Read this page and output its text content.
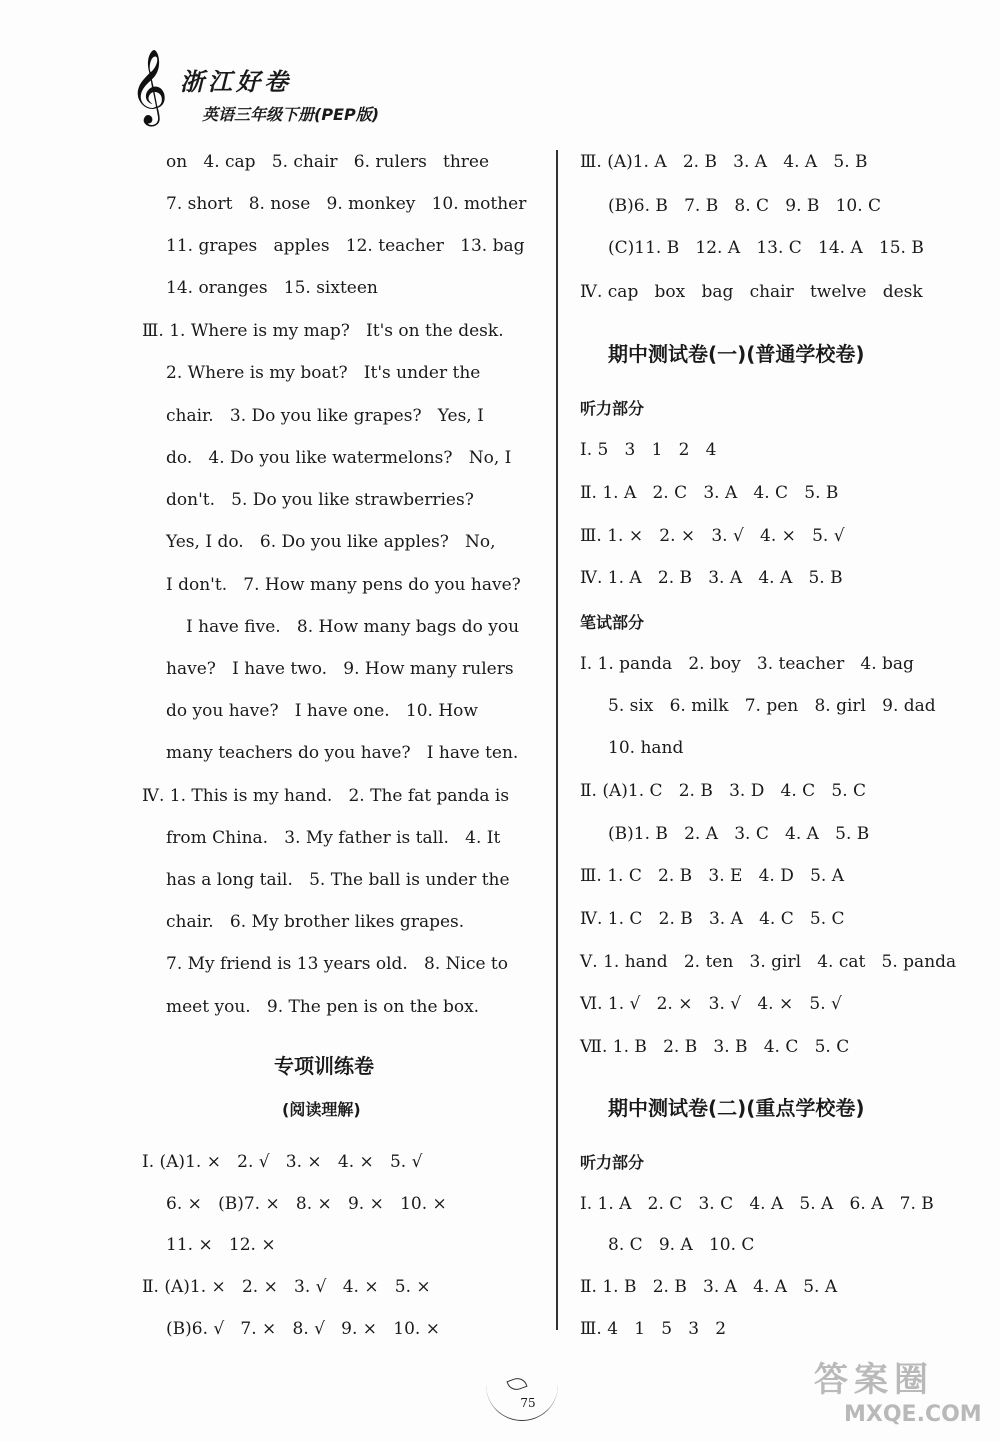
𝄞 浙江好卷
英语三年级下册(PEP版)
on   4. cap   5. chair   6. rulers   three
7. short   8. nose   9. monkey   10. mother
11. grapes   apples   12. teacher   13. bag
14. oranges   15. sixteen
Ⅲ. 1. Where is my map?   It's on the desk.
2. Where is my boat?   It's under the
chair.   3. Do you like grapes?   Yes, I
do.   4. Do you like watermelons?   No, I
don't.   5. Do you like strawberries?
Yes, I do.   6. Do you like apples?   No,
I don't.   7. How many pens do you have?
I have five.   8. How many bags do you
have?   I have two.   9. How many rulers
do you have?   I have one.   10. How
many teachers do you have?   I have ten.
Ⅳ. 1. This is my hand.   2. The fat panda is
from China.   3. My father is tall.   4. It
has a long tail.   5. The ball is under the
chair.   6. My brother likes grapes.
7. My friend is 13 years old.   8. Nice to
meet you.   9. The pen is on the box.
专项训练卷
(阅读理解)
Ⅰ. (A)1. ×   2. √   3. ×   4. ×   5. √
6. ×   (B)7. ×   8. ×   9. ×   10. ×
11. ×   12. ×
Ⅱ. (A)1. ×   2. ×   3. √   4. ×   5. ×
(B)6. √   7. ×   8. √   9. ×   10. ×
Ⅲ. (A)1. A   2. B   3. A   4. A   5. B
(B)6. B   7. B   8. C   9. B   10. C
(C)11. B   12. A   13. C   14. A   15. B
Ⅳ. cap   box   bag   chair   twelve   desk
期中测试卷(一)(普通学校卷)
听力部分
Ⅰ. 5   3   1   2   4
Ⅱ. 1. A   2. C   3. A   4. C   5. B
Ⅲ. 1. ×   2. ×   3. √   4. ×   5. √
Ⅳ. 1. A   2. B   3. A   4. A   5. B
笔试部分
Ⅰ. 1. panda   2. boy   3. teacher   4. bag
5. six   6. milk   7. pen   8. girl   9. dad
10. hand
Ⅱ. (A)1. C   2. B   3. D   4. C   5. C
(B)1. B   2. A   3. C   4. A   5. B
Ⅲ. 1. C   2. B   3. E   4. D   5. A
Ⅳ. 1. C   2. B   3. A   4. C   5. C
Ⅴ. 1. hand   2. ten   3. girl   4. cat   5. panda
Ⅵ. 1. √   2. ×   3. √   4. ×   5. √
Ⅶ. 1. B   2. B   3. B   4. C   5. C
期中测试卷(二)(重点学校卷)
听力部分
Ⅰ. 1. A   2. C   3. C   4. A   5. A   6. A   7. B
8. C   9. A   10. C
Ⅱ. 1. B   2. B   3. A   4. A   5. A
Ⅲ. 4   1   5   3   2
75
答案圈
MXQE.COM
